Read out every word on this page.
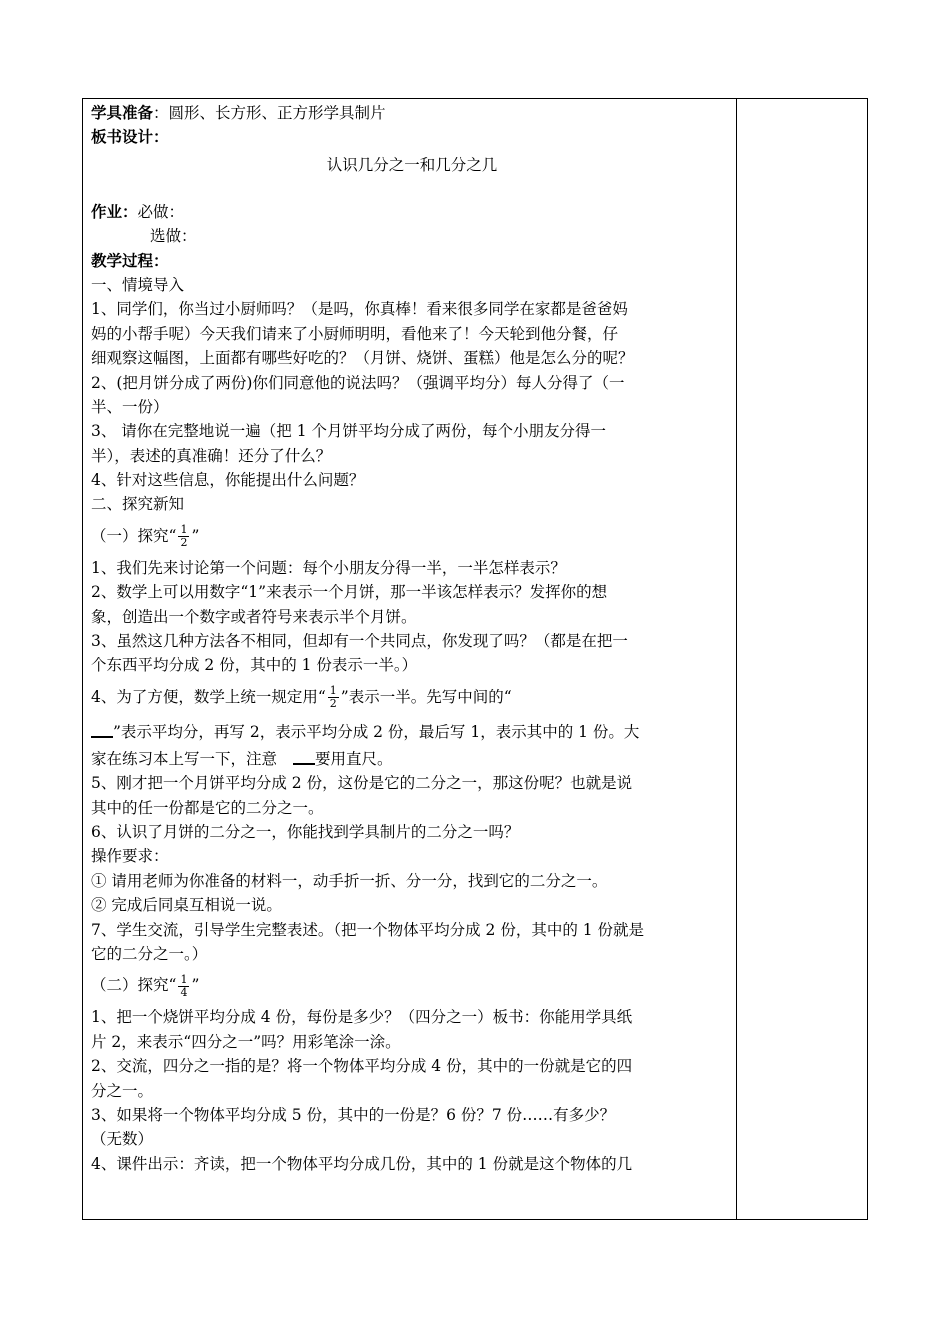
学具准备：圆形、长方形、正方形学具制片
板书设计：
认识几分之一和几分之几
作业：必做：
选做：
教学过程：
一、情境导入
1、同学们，你当过小厨师吗？（是吗，你真棒！看来很多同学在家都是爸爸妈
妈的小帮手呢）今天我们请来了小厨师明明，看他来了！今天轮到他分餐，仔
细观察这幅图，上面都有哪些好吃的？（月饼、烧饼、蛋糕）他是怎么分的呢？
2、(把月饼分成了两份)你们同意他的说法吗？（强调平均分）每人分得了（一
半、一份）
3、 请你在完整地说一遍（把 1 个月饼平均分成了两份，每个小朋友分得一
半），表述的真准确！还分了什么？
4、针对这些信息，你能提出什么问题？
二、探究新知
（一）探究“ $\frac{1}{2}$ ”
1、我们先来讨论第一个问题：每个小朋友分得一半，一半怎样表示？
2、数学上可以用数字“1”来表示一个月饼，那一半该怎样表示？发挥你的想
象，创造出一个数字或者符号来表示半个月饼。
3、虽然这几种方法各不相同，但却有一个共同点，你发现了吗？（都是在把一
个东西平均分成 2 份，其中的 1 份表示一半。）
4、为了方便，数学上统一规定用“ $\frac{1}{2}$ ”表示一半。先写中间的“
”表示平均分，再写 2，表示平均分成 2 份，最后写 1，表示其中的 1 份。大
家在练习本上写一下，注意 要用直尺。
5、刚才把一个月饼平均分成 2 份，这份是它的二分之一，那这份呢？也就是说
其中的任一份都是它的二分之一。
6、认识了月饼的二分之一，你能找到学具制片的二分之一吗？
操作要求：
① 请用老师为你准备的材料一，动手折一折、分一分，找到它的二分之一。
② 完成后同桌互相说一说。
7、学生交流，引导学生完整表述。（把一个物体平均分成 2 份，其中的 1 份就是
它的二分之一。）
（二）探究“ $\frac{1}{4}$ ”
1、把一个烧饼平均分成 4 份，每份是多少？（四分之一）板书：你能用学具纸
片 2，来表示“四分之一”吗？用彩笔涂一涂。
2、交流，四分之一指的是？将一个物体平均分成 4 份，其中的一份就是它的四
分之一。
3、如果将一个物体平均分成 5 份，其中的一份是？6 份？7 份……有多少？
（无数）
4、课件出示：齐读，把一个物体平均分成几份，其中的 1 份就是这个物体的几
